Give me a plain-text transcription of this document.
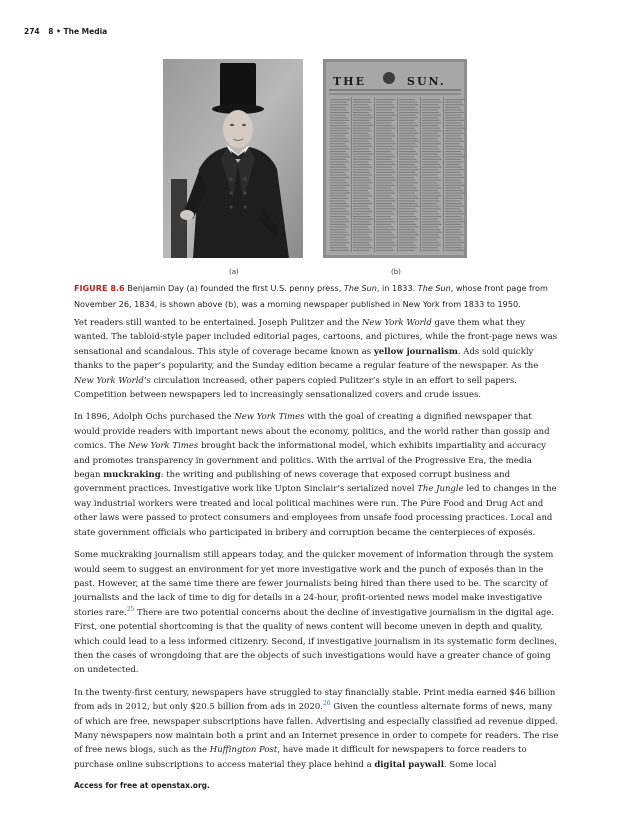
274 8 • The Media
THE	SUN.
(a)	(b)
FIGURE 8.6 Benjamin Day (a) founded the first U.S. penny press, The Sun, in 1833. The Sun, whose front page from November 26, 1834, is shown above (b), was a morning newspaper published in New York from 1833 to 1950.

Yet readers still wanted to be entertained. Joseph Pulitzer and the New York World gave them what they wanted. The tabloid-style paper included editorial pages, cartoons, and pictures, while the front-page news was sensational and scandalous. This style of coverage became known as yellow journalism. Ads sold quickly thanks to the paper’s popularity, and the Sunday edition became a regular feature of the newspaper. As the New York World’s circulation increased, other papers copied Pulitzer’s style in an effort to sell papers. Competition between newspapers led to increasingly sensationalized covers and crude issues.

In 1896, Adolph Ochs purchased the New York Times with the goal of creating a dignified newspaper that would provide readers with important news about the economy, politics, and the world rather than gossip and comics. The New York Times brought back the informational model, which exhibits impartiality and accuracy and promotes transparency in government and politics. With the arrival of the Progressive Era, the media began muckraking: the writing and publishing of news coverage that exposed corrupt business and government practices. Investigative work like Upton Sinclair’s serialized novel The Jungle led to changes in the way industrial workers were treated and local political machines were run. The Pure Food and Drug Act and other laws were passed to protect consumers and employees from unsafe food processing practices. Local and state government officials who participated in bribery and corruption became the centerpieces of exposés.

Some muckraking journalism still appears today, and the quicker movement of information through the system would seem to suggest an environment for yet more investigative work and the punch of exposés than in the past. However, at the same time there are fewer journalists being hired than there used to be. The scarcity of journalists and the lack of time to dig for details in a 24-hour, profit-oriented news model make investigative stories rare.$^{25}$ There are two potential concerns about the decline of investigative journalism in the digital age. First, one potential shortcoming is that the quality of news content will become uneven in depth and quality, which could lead to a less informed citizenry. Second, if investigative journalism in its systematic form declines, then the cases of wrongdoing that are the objects of such investigations would have a greater chance of going on undetected.

In the twenty-first century, newspapers have struggled to stay financially stable. Print media earned $46 billion from ads in 2012, but only $20.5 billion from ads in 2020.26 Given the countless alternate forms of news, many of which are free, newspaper subscriptions have fallen. Advertising and especially classified ad revenue dipped. Many newspapers now maintain both a print and an Internet presence in order to compete for readers. The rise of free news blogs, such as the Huffington Post, have made it difficult for newspapers to force readers to purchase online subscriptions to access material they place behind a digital paywall. Some local

Access for free at openstax.org.
